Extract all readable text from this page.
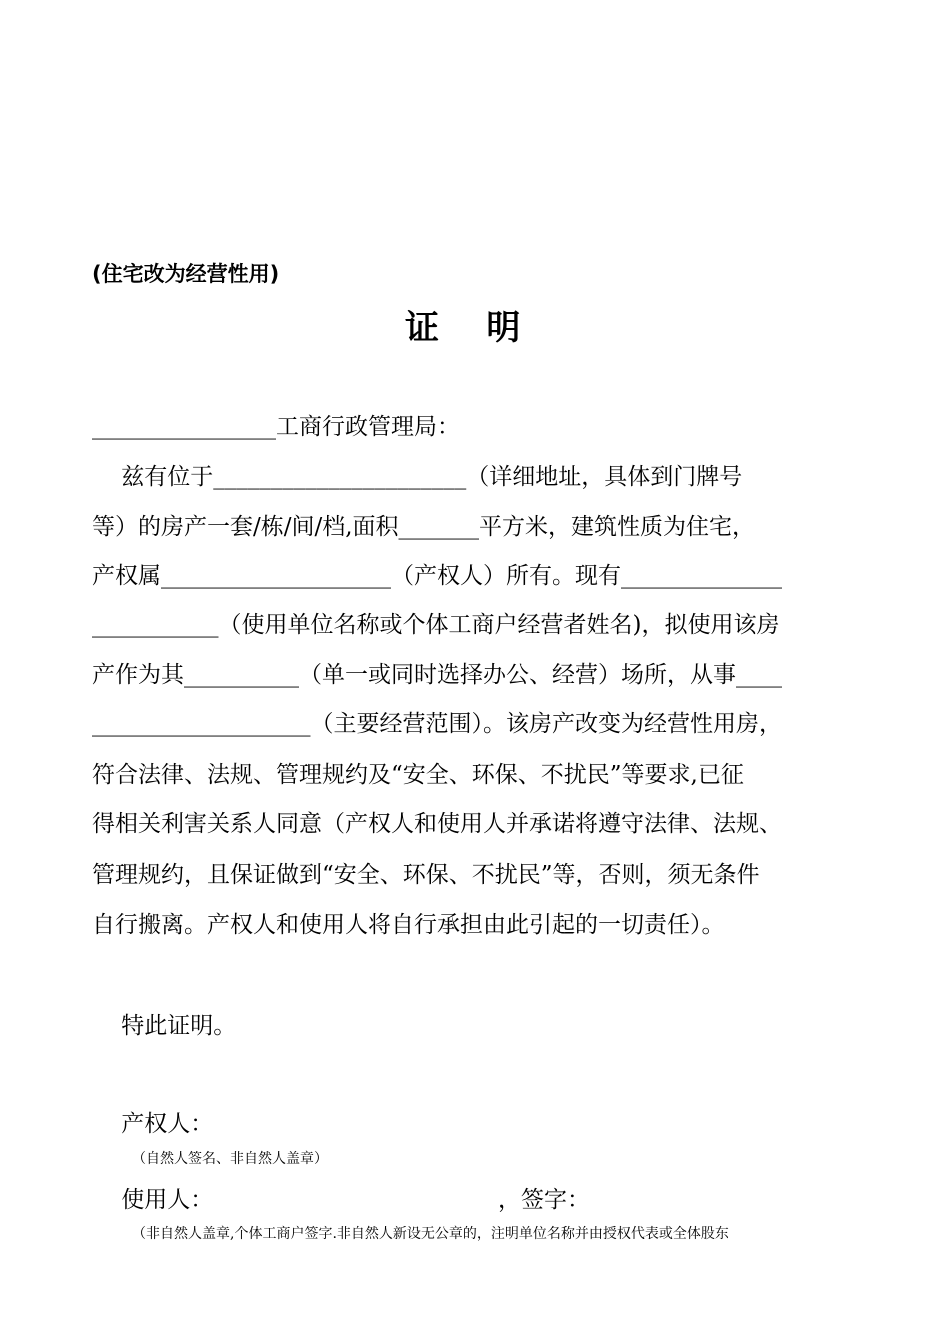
(住宅改为经营性用)
证    明
________________工商行政管理局：
兹有位于______________________（详细地址，具体到门牌号
等）的房产一套/栋/间/档,面积_______平方米，建筑性质为住宅，
产权属____________________（产权人）所有。现有______________
___________（使用单位名称或个体工商户经营者姓名)，拟使用该房
产作为其__________（单一或同时选择办公、经营）场所，从事____
___________________（主要经营范围）。该房产改变为经营性用房，
符合法律、法规、管理规约及“安全、环保、不扰民”等要求,已征
得相关利害关系人同意（产权人和使用人并承诺将遵守法律、法规、
管理规约，且保证做到“安全、环保、不扰民”等，否则，须无条件
自行搬离。产权人和使用人将自行承担由此引起的一切责任）。
特此证明。
产权人：
（自然人签名、非自然人盖章）
使用人：	，签字：
（非自然人盖章,个体工商户签字.非自然人新设无公章的，注明单位名称并由授权代表或全体股东
